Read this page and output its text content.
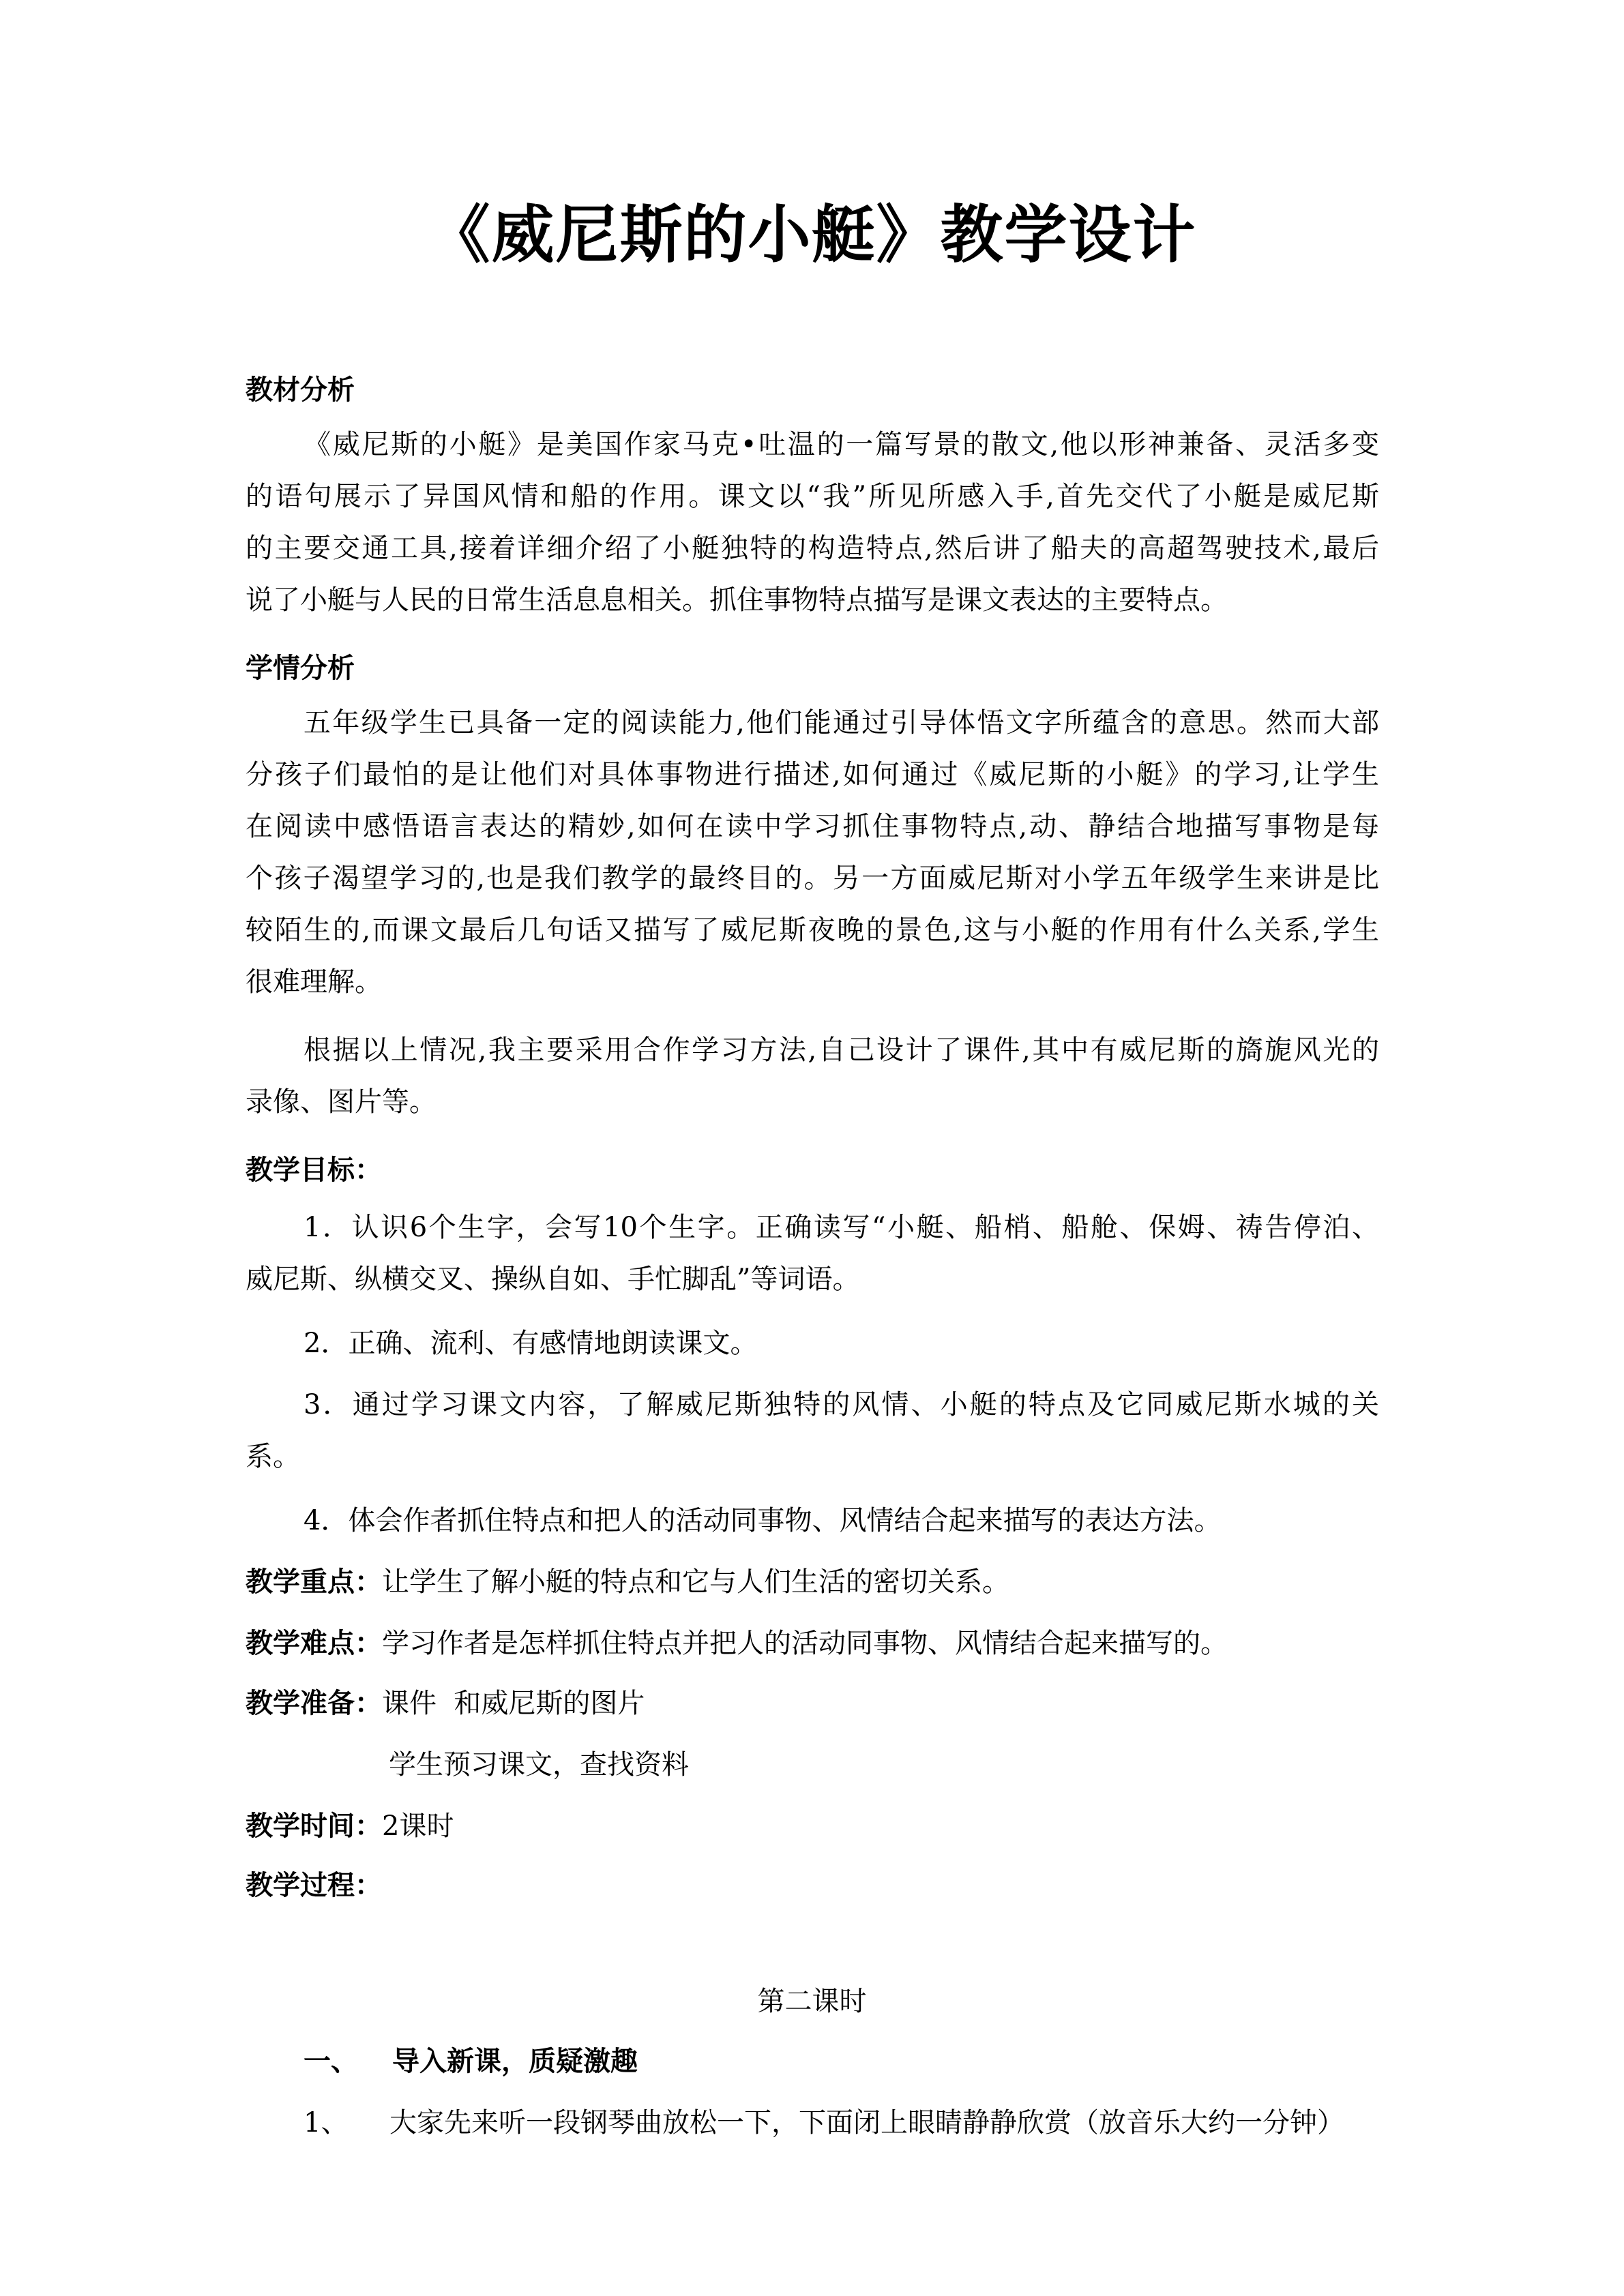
《威尼斯的小艇》教学设计
教材分析
《威尼斯的小艇》是美国作家马克•吐温的一篇写景的散文,他以形神兼备、灵活多变
的语句展示了异国风情和船的作用。课文以“我”所见所感入手,首先交代了小艇是威尼斯
的主要交通工具,接着详细介绍了小艇独特的构造特点,然后讲了船夫的高超驾驶技术,最后
说了小艇与人民的日常生活息息相关。抓住事物特点描写是课文表达的主要特点。
学情分析
五年级学生已具备一定的阅读能力,他们能通过引导体悟文字所蕴含的意思。然而大部
分孩子们最怕的是让他们对具体事物进行描述,如何通过《威尼斯的小艇》的学习,让学生
在阅读中感悟语言表达的精妙,如何在读中学习抓住事物特点,动、静结合地描写事物是每
个孩子渴望学习的,也是我们教学的最终目的。另一方面威尼斯对小学五年级学生来讲是比
较陌生的,而课文最后几句话又描写了威尼斯夜晚的景色,这与小艇的作用有什么关系,学生
很难理解。
根据以上情况,我主要采用合作学习方法,自己设计了课件,其中有威尼斯的旖旎风光的
录像、图片等。
教学目标：
1．认识6个生字，会写10个生字。正确读写“小艇、船梢、船舱、保姆、祷告停泊、
威尼斯、纵横交叉、操纵自如、手忙脚乱”等词语。
2．正确、流利、有感情地朗读课文。
3．通过学习课文内容，了解威尼斯独特的风情、小艇的特点及它同威尼斯水城的关
系。
4．体会作者抓住特点和把人的活动同事物、风情结合起来描写的表达方法。
教学重点：让学生了解小艇的特点和它与人们生活的密切关系。
教学难点：学习作者是怎样抓住特点并把人的活动同事物、风情结合起来描写的。
教学准备：课件  和威尼斯的图片
学生预习课文，查找资料
教学时间：2课时
教学过程：
第二课时
一、 导入新课，质疑激趣
1、 大家先来听一段钢琴曲放松一下，下面闭上眼睛静静欣赏（放音乐大约一分钟）
